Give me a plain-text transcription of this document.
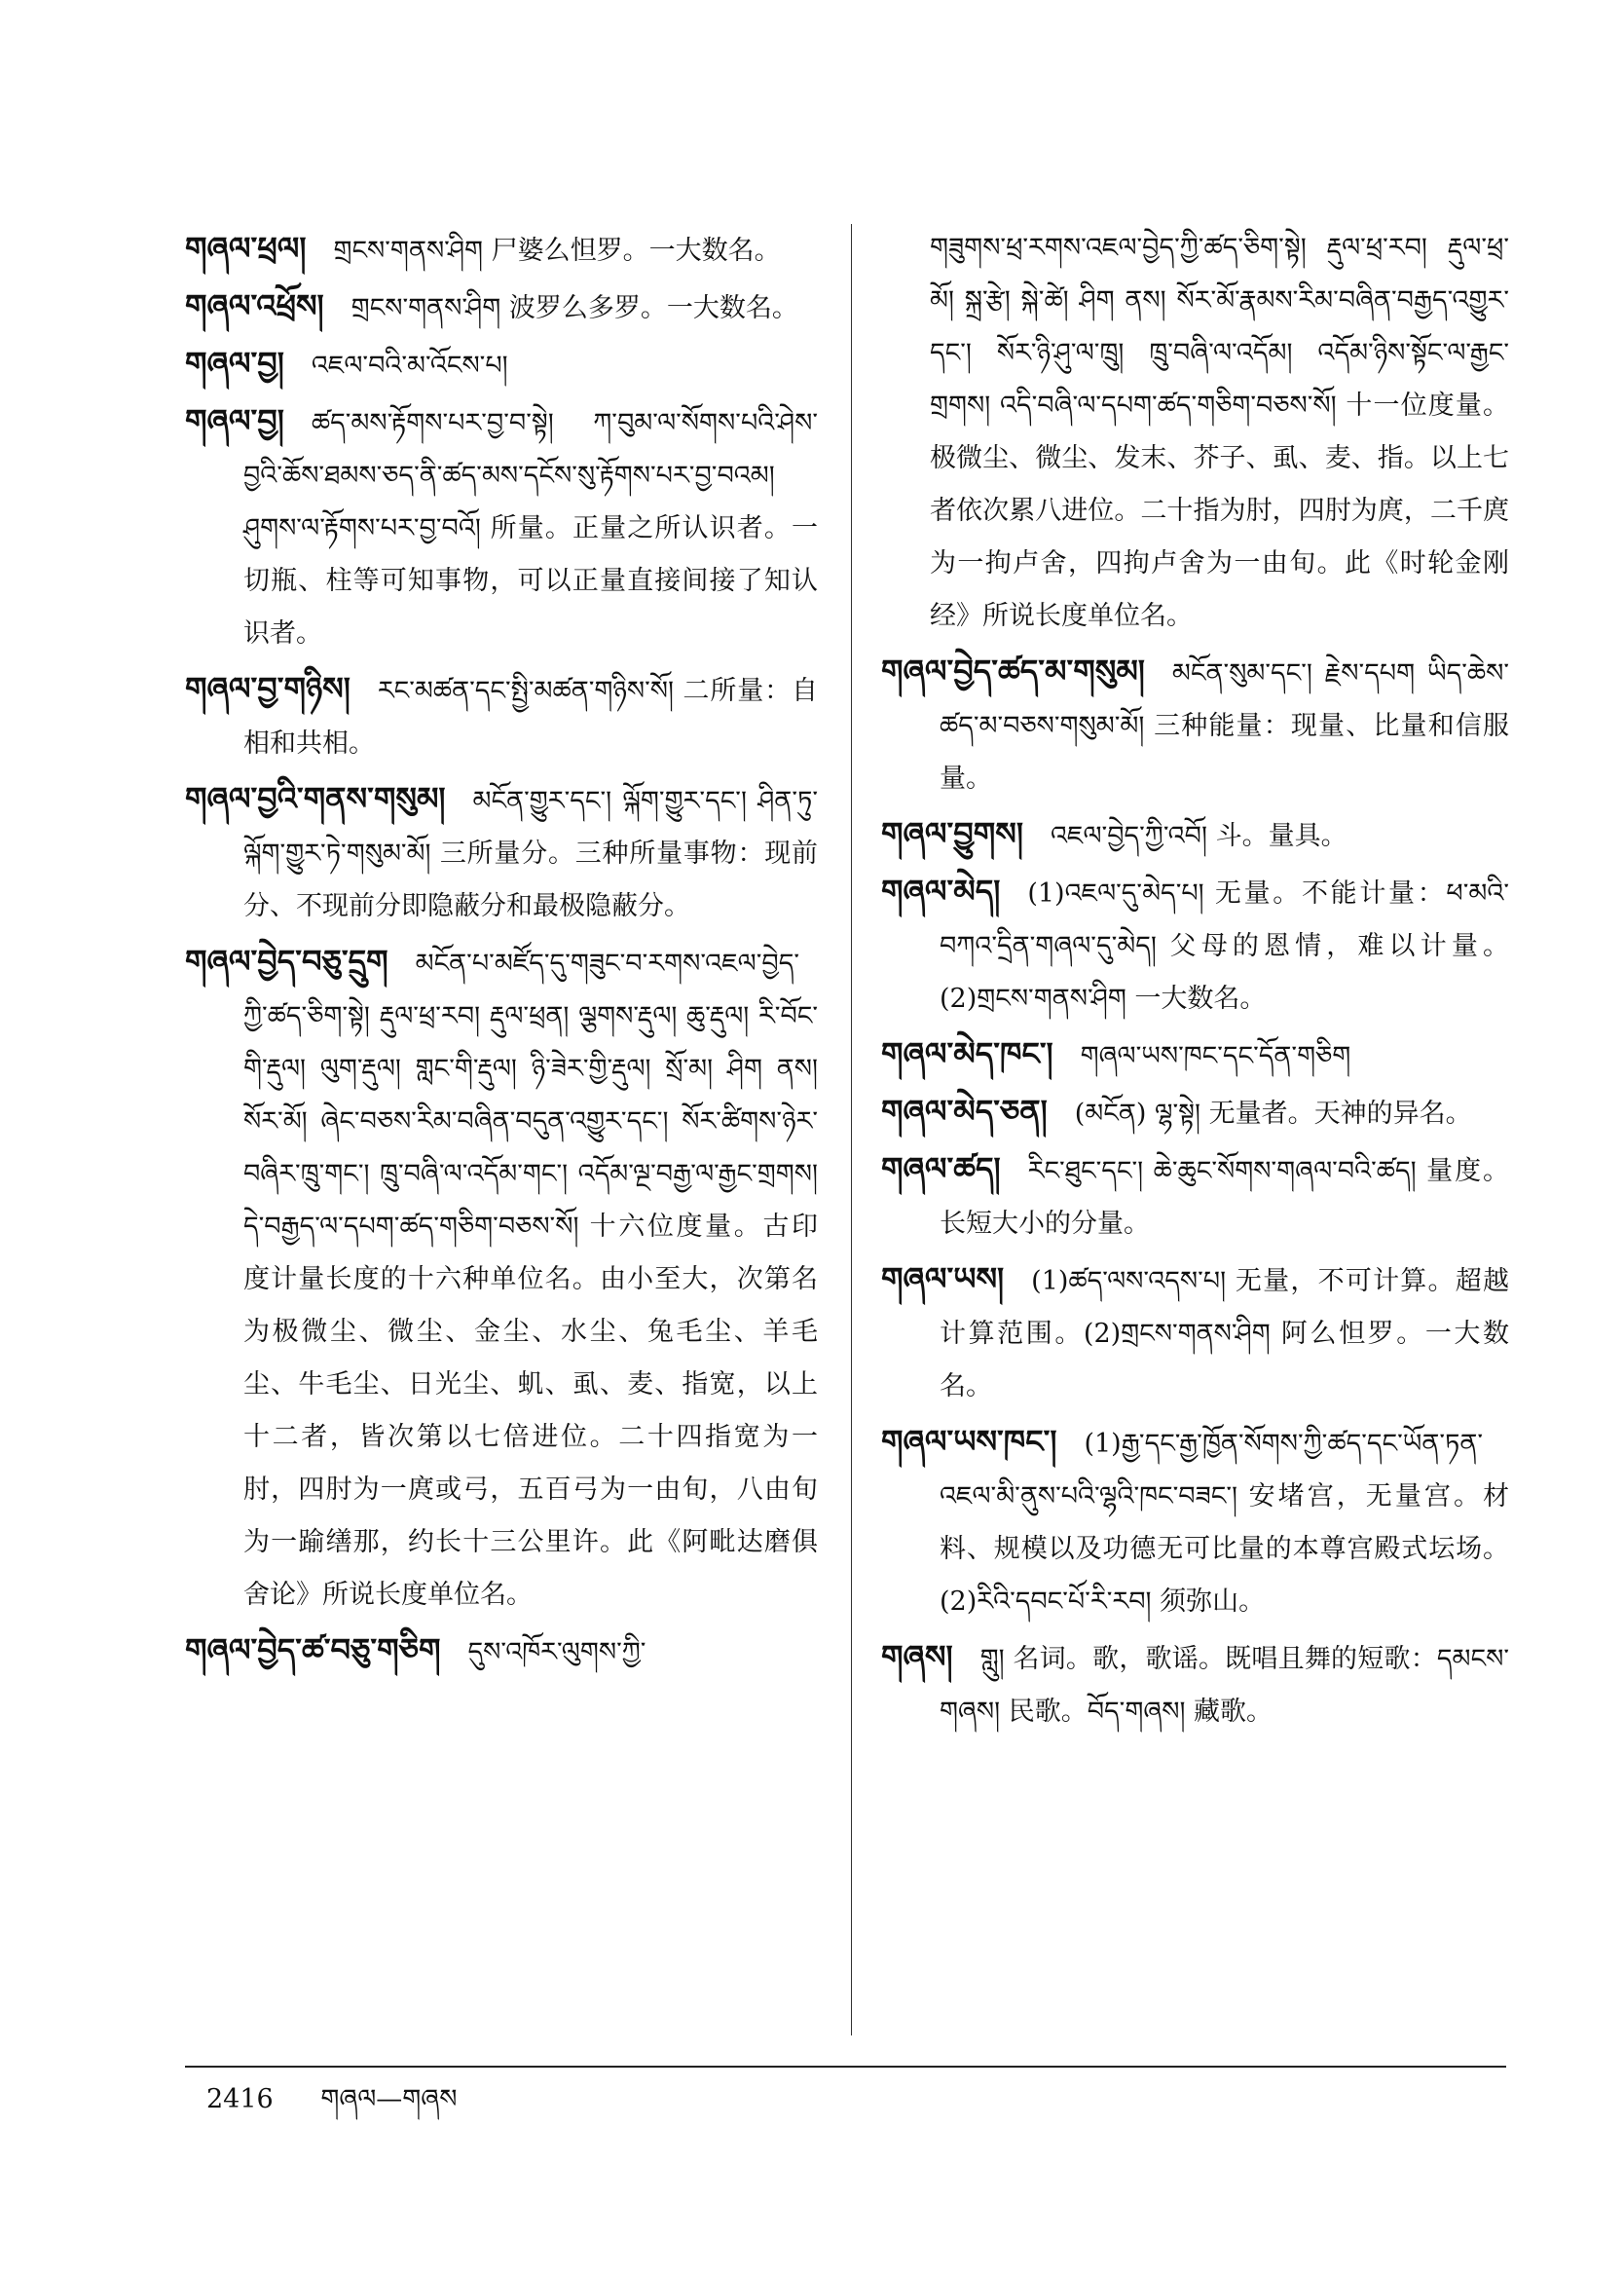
གཞལ་ཕྲལ། གྲངས་གནས་ཤིག 尸婆么怛罗。一大数名。

གཞལ་འཕྲོས། གྲངས་གནས་ཤིག 波罗么多罗。一大数名。

གཞལ་བྱ། འཇལ་བའི་མ་འོངས་པ།

གཞལ་བྱ། ཚད་མས་རྟོགས་པར་བྱ་བ་སྟེ། ཀ་བུམ་ལ་སོགས་པའི་ཤེས་བྱའི་ཆོས་ཐམས་ཅད་ནི་ཚད་མས་དངོས་སུ་རྟོགས་པར་བྱ་བའམ། ཤུགས་ལ་རྟོགས་པར་བྱ་བའོ། 所量。正量之所认识者。一切瓶、柱等可知事物，可以正量直接间接了知认识者。

གཞལ་བྱ་གཉིས། རང་མཚན་དང་སྤྱི་མཚན་གཉིས་སོ། 二所量：自相和共相。

གཞལ་བྱའི་གནས་གསུམ། མངོན་གྱུར་དང་། ལྐོག་གྱུར་དང་། ཤིན་ཏུ་ལྐོག་གྱུར་ཏེ་གསུམ་མོ། 三所量分。三种所量事物：现前分、不现前分即隐蔽分和最极隐蔽分。

གཞལ་བྱེད་བཅུ་དྲུག མངོན་པ་མཛོད་དུ་གཟུང་བ་རགས་འཇལ་བྱེད་ཀྱི་ཚད་ཅིག་སྟེ། རྡུལ་ཕྲ་རབ། རྡུལ་ཕྲན། ལྕགས་རྡུལ། ཆུ་རྡུལ། རི་བོང་གི་རྡུལ། ལུག་རྡུལ། གླང་གི་རྡུལ། ཉི་ཟེར་གྱི་རྡུལ། སྲོ་མ། ཤིག ནས། སོར་མོ། ཞེང་བཅས་རིམ་བཞིན་བདུན་འགྱུར་དང་། སོར་ཚིགས་ཉེར་བཞིར་ཁྲུ་གང་། ཁྲུ་བཞི་ལ་འདོམ་གང་། འདོམ་ལྔ་བརྒྱ་ལ་རྒྱང་གྲགས། དེ་བརྒྱད་ལ་དཔག་ཚད་གཅིག་བཅས་སོ། 十六位度量。古印度计量长度的十六种单位名。由小至大，次第名为极微尘、微尘、金尘、水尘、兔毛尘、羊毛尘、牛毛尘、日光尘、虮、虱、麦、指宽，以上十二者，皆次第以七倍进位。二十四指宽为一肘，四肘为一庹或弓，五百弓为一由旬，八由旬为一踰缮那，约长十三公里许。此《阿毗达磨俱舍论》所说长度单位名。

གཞལ་བྱེད་ཚ་བཅུ་གཅིག དུས་འཁོར་ལུགས་ཀྱི་

གཟུགས་ཕྲ་རགས་འཇལ་བྱེད་ཀྱི་ཚད་ཅིག་སྟེ། རྡུལ་ཕྲ་རབ། རྡུལ་ཕྲ་མོ། སྐྲ་རྩེ། སྐེ་ཚེ། ཤིག ནས། སོར་མོ་རྣམས་རིམ་བཞིན་བརྒྱད་འགྱུར་དང་། སོར་ཉི་ཤུ་ལ་ཁྲུ། ཁྲུ་བཞི་ལ་འདོམ། འདོམ་ཉིས་སྟོང་ལ་རྒྱང་གྲགས། འདི་བཞི་ལ་དཔག་ཚད་གཅིག་བཅས་སོ། 十一位度量。极微尘、微尘、发末、芥子、虱、麦、指。以上七者依次累八进位。二十指为肘，四肘为庹，二千庹为一拘卢舍，四拘卢舍为一由旬。此《时轮金刚经》所说长度单位名。

གཞལ་བྱེད་ཚད་མ་གསུམ། མངོན་སུམ་དང་། རྗེས་དཔག ཡིད་ཆེས་ཚད་མ་བཅས་གསུམ་མོ། 三种能量：现量、比量和信服量。

གཞལ་བྱུགས། འཇལ་བྱེད་ཀྱི་འབོ། 斗。量具。

གཞལ་མེད། (1)འཇལ་དུ་མེད་པ། 无量。不能计量：ཕ་མའི་བཀའ་དྲིན་གཞལ་དུ་མེད། 父母的恩情，难以计量。(2)གྲངས་གནས་ཤིག 一大数名。

གཞལ་མེད་ཁང་། གཞལ་ཡས་ཁང་དང་དོན་གཅིག

གཞལ་མེད་ཅན། (མངོན) ལྷ་སྟེ། 无量者。天神的异名。

གཞལ་ཚད། རིང་ཐུང་དང་། ཆེ་ཆུང་སོགས་གཞལ་བའི་ཚད། 量度。长短大小的分量。

གཞལ་ཡས། (1)ཚད་ལས་འདས་པ། 无量，不可计算。超越计算范围。(2)གྲངས་གནས་ཤིག 阿么怛罗。一大数名。

གཞལ་ཡས་ཁང་། (1)རྒྱ་དང་རྒྱ་ཁྱོན་སོགས་ཀྱི་ཚད་དང་ཡོན་ཏན་འཇལ་མི་ནུས་པའི་ལྷའི་ཁང་བཟང་། 安堵宫，无量宫。材料、规模以及功德无可比量的本尊宫殿式坛场。(2)རིའི་དབང་པོ་རི་རབ། 须弥山。

གཞས། གླུ། 名词。歌，歌谣。既唱且舞的短歌：དམངས་གཞས། 民歌。བོད་གཞས། 藏歌。

2416 གཞལ—གཞས
